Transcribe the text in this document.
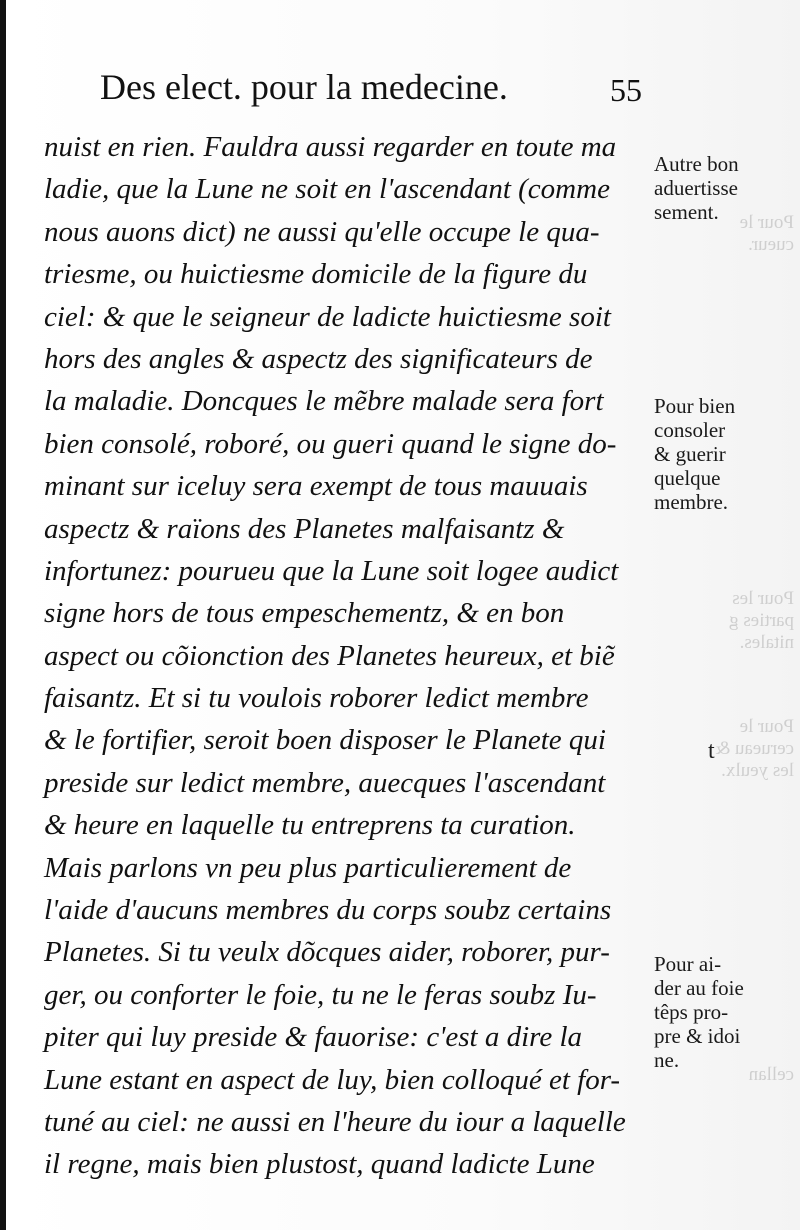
Des elect. pour la medecine.	55
nuist en rien. Fauldra aussi regarder en toute ma
ladie, que la Lune ne soit en l'ascendant (comme
nous auons dict) ne aussi qu'elle occupe le qua-
triesme, ou huictiesme domicile de la figure du
ciel: & que le seigneur de ladicte huictiesme soit
hors des angles & aspectz des significateurs de
la maladie. Doncques le mẽbre malade sera fort
bien consolé, roboré, ou gueri quand le signe do-
minant sur iceluy sera exempt de tous mauuais
aspectz & raïons des Planetes malfaisantz &
infortunez: pourueu que la Lune soit logee audict
signe hors de tous empeschementz, & en bon
aspect ou cõionction des Planetes heureux, et biẽ
faisantz. Et si tu voulois roborer ledict membre
& le fortifier, seroit boen disposer le Planete qui
preside sur ledict membre, auecques l'ascendant
& heure en laquelle tu entreprens ta curation.
Mais parlons vn peu plus particulierement de
l'aide d'aucuns membres du corps soubz certains
Planetes. Si tu veulx dõcques aider, roborer, pur-
ger, ou conforter le foie, tu ne le feras soubz Iu-
piter qui luy preside & fauorise: c'est a dire la
Lune estant en aspect de luy, bien colloqué et for-
tuné au ciel: ne aussi en l'heure du iour a laquelle
il regne, mais bien plustost, quand ladicte Lune
Autre bon
aduertisse
sement.
Pour bien
consoler
& guerir
quelque
membre.
Pour ai-
der au foie
têps pro-
pre & idoi
ne.
Pour le
cueur.
Pour les
parties g
nitales.
Pour le
cerueau &
les yeulx.
cellan
t
